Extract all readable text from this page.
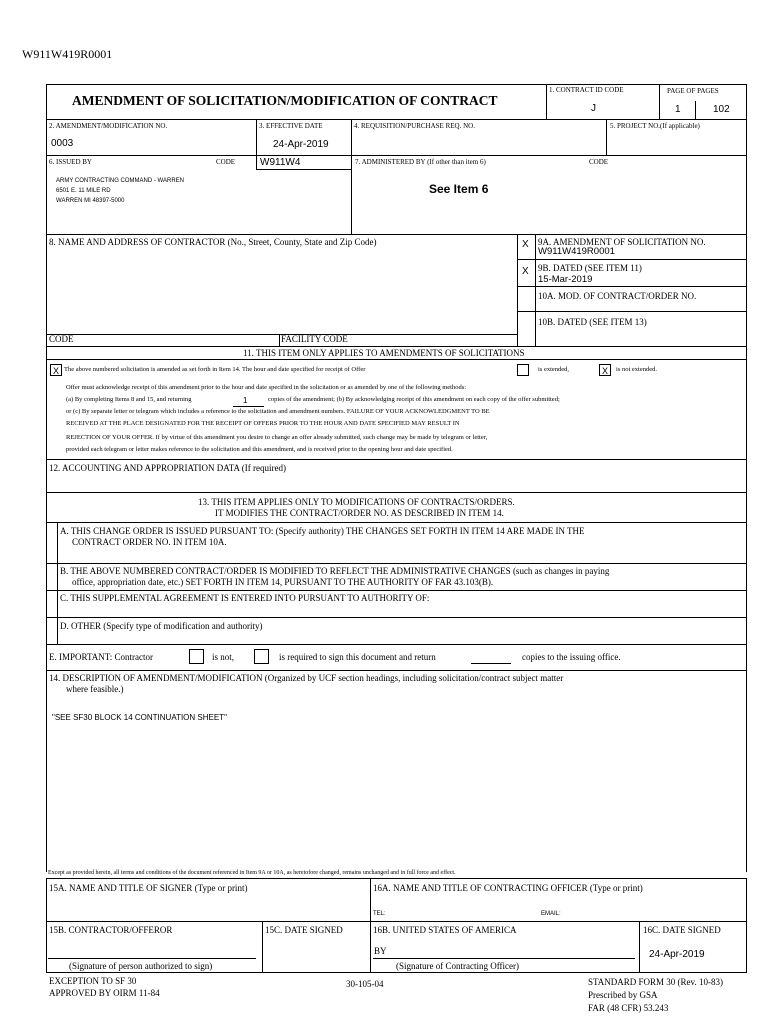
W911W419R0001
AMENDMENT OF SOLICITATION/MODIFICATION OF CONTRACT
1. CONTRACT ID CODE
J
PAGE OF PAGES
1	102
2. AMENDMENT/MODIFICATION NO.
0003
3. EFFECTIVE DATE
24-Apr-2019
4. REQUISITION/PURCHASE REQ. NO.	5. PROJECT NO.(If applicable)
6. ISSUED BY	CODE W911W4
ARMY CONTRACTING COMMAND - WARREN
6501 E. 11 MILE RD
WARREN MI 48397-5000
7. ADMINISTERED BY (If other than item 6)	CODE
See Item 6
8. NAME AND ADDRESS OF CONTRACTOR (No., Street, County, State and Zip Code)	X 9A. AMENDMENT OF SOLICITATION NO.
W911W419R0001
X 9B. DATED (SEE ITEM 11)
15-Mar-2019
10A. MOD. OF CONTRACT/ORDER NO.
10B. DATED (SEE ITEM 13)
CODE	FACILITY CODE
11. THIS ITEM ONLY APPLIES TO AMENDMENTS OF SOLICITATIONS
X The above numbered solicitation is amended as set forth in Item 14. The hour and date specified for receipt of Offer	is extended,	X	is not extended.
Offer must acknowledge receipt of this amendment prior to the hour and date specified in the solicitation or as amended by one of the following methods:
(a) By completing Items 8 and 15, and returning	1	copies of the amendment; (b) By acknowledging receipt of this amendment on each copy of the offer submitted;
or (c) By separate letter or telegram which includes a reference to the solicitation and amendment numbers. FAILURE OF YOUR ACKNOWLEDGMENT TO BE
RECEIVED AT THE PLACE DESIGNATED FOR THE RECEIPT OF OFFERS PRIOR TO THE HOUR AND DATE SPECIFIED MAY RESULT IN
REJECTION OF YOUR OFFER. If by virtue of this amendment you desire to change an offer already submitted, such change may be made by telegram or letter,
provided each telegram or letter makes reference to the solicitation and this amendment, and is received prior to the opening hour and date specified.
12. ACCOUNTING AND APPROPRIATION DATA (If required)
13. THIS ITEM APPLIES ONLY TO MODIFICATIONS OF CONTRACTS/ORDERS.
IT MODIFIES THE CONTRACT/ORDER NO. AS DESCRIBED IN ITEM 14.
A. THIS CHANGE ORDER IS ISSUED PURSUANT TO: (Specify authority) THE CHANGES SET FORTH IN ITEM 14 ARE MADE IN THE
CONTRACT ORDER NO. IN ITEM 10A.
B. THE ABOVE NUMBERED CONTRACT/ORDER IS MODIFIED TO REFLECT THE ADMINISTRATIVE CHANGES (such as changes in paying
office, appropriation date, etc.) SET FORTH IN ITEM 14, PURSUANT TO THE AUTHORITY OF FAR 43.103(B).
C. THIS SUPPLEMENTAL AGREEMENT IS ENTERED INTO PURSUANT TO AUTHORITY OF:
D. OTHER (Specify type of modification and authority)
E. IMPORTANT: Contractor	is not,	is required to sign this document and return	copies to the issuing office.
14. DESCRIPTION OF AMENDMENT/MODIFICATION (Organized by UCF section headings, including solicitation/contract subject matter
where feasible.)
"SEE SF30 BLOCK 14 CONTINUATION SHEET"
Except as provided herein, all terms and conditions of the document referenced in Item 9A or 10A, as heretofore changed, remains unchanged and in full force and effect.
15A. NAME AND TITLE OF SIGNER (Type or print)	16A. NAME AND TITLE OF CONTRACTING OFFICER (Type or print)
TEL:	EMAIL:
15B. CONTRACTOR/OFFEROR	15C. DATE SIGNED	16B. UNITED STATES OF AMERICA	16C. DATE SIGNED
24-Apr-2019
BY
(Signature of person authorized to sign)	(Signature of Contracting Officer)
EXCEPTION TO SF 30
APPROVED BY OIRM 11-84
30-105-04	STANDARD FORM 30 (Rev. 10-83)
Prescribed by GSA
FAR (48 CFR) 53.243
